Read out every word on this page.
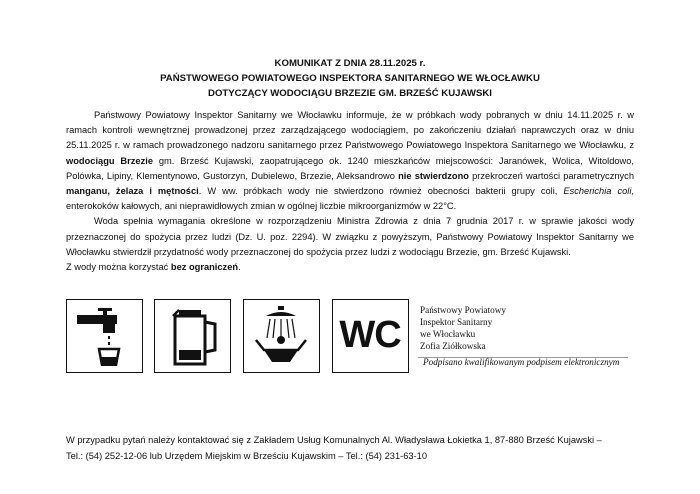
KOMUNIKAT Z DNIA 28.11.2025 r.
PAŃSTWOWEGO POWIATOWEGO INSPEKTORA SANITARNEGO WE WŁOCŁAWKU
DOTYCZĄCY WODOCIĄGU BRZEZIE GM. BRZEŚĆ KUJAWSKI

Państwowy Powiatowy Inspektor Sanitarny we Włocławku informuje, że w próbkach wody pobranych w dniu 14.11.2025 r. w ramach kontroli wewnętrznej prowadzonej przez zarządzającego wodociągiem, po zakończeniu działań naprawczych oraz w dniu 25.11.2025 r. w ramach prowadzonego nadzoru sanitarnego przez Państwowego Powiatowego Inspektora Sanitarnego we Włocławku, z wodociągu Brzezie gm. Brześć Kujawski, zaopatrującego ok. 1240 mieszkańców miejscowości: Jaranówek, Wolica, Witoldowo, Polówka, Lipiny, Klementynowo, Gustorzyn, Dubielewo, Brzezie, Aleksandrowo nie stwierdzono przekroczeń wartości parametrycznych manganu, żelaza i mętności. W ww. próbkach wody nie stwierdzono również obecności bakterii grupy coli, Escherichia coli, enterokoków kałowych, ani nieprawidłowych zmian w ogólnej liczbie mikroorganizmów w 22°C.

Woda spełnia wymagania określone w rozporządzeniu Ministra Zdrowia z dnia 7 grudnia 2017 r. w sprawie jakości wody przeznaczonej do spożycia przez ludzi (Dz. U. poz. 2294). W związku z powyższym, Państwowy Powiatowy Inspektor Sanitarny we Włocławku stwierdził przydatność wody przeznaczonej do spożycia przez ludzi z wodociągu Brzezie, gm. Brześć Kujawski.

Z wody można korzystać bez ograniczeń.

WC
Państwowy Powiatowy
Inspektor Sanitarny
we Włocławku
Zofia Ziółkowska
Podpisano kwalifikowanym podpisem elektronicznym

W przypadku pytań należy kontaktować się z Zakładem Usług Komunalnych Al. Władysława Łokietka 1, 87-880 Brześć Kujawski –

Tel.: (54) 252-12-06 lub Urzędem Miejskim w Brześciu Kujawskim – Tel.: (54) 231-63-10
